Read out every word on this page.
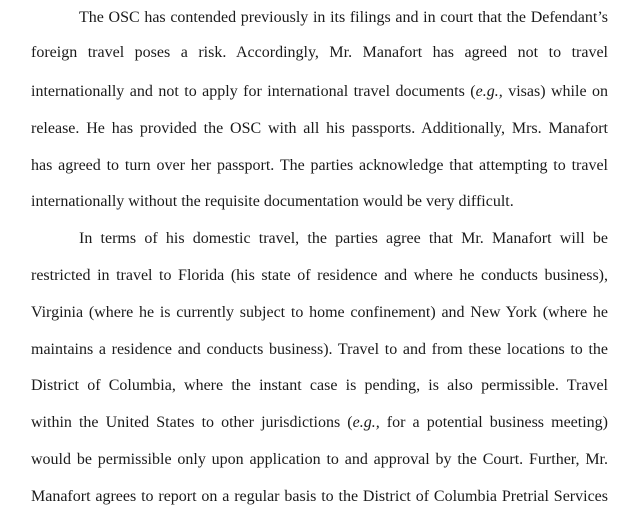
The OSC has contended previously in its filings and in court that the Defendant’s
foreign travel poses a risk. Accordingly, Mr. Manafort has agreed not to travel
internationally and not to apply for international travel documents (e.g., visas) while on
release. He has provided the OSC with all his passports. Additionally, Mrs. Manafort
has agreed to turn over her passport. The parties acknowledge that attempting to travel
internationally without the requisite documentation would be very difficult.
In terms of his domestic travel, the parties agree that Mr. Manafort will be
restricted in travel to Florida (his state of residence and where he conducts business),
Virginia (where he is currently subject to home confinement) and New York (where he
maintains a residence and conducts business). Travel to and from these locations to the
District of Columbia, where the instant case is pending, is also permissible. Travel
within the United States to other jurisdictions (e.g., for a potential business meeting)
would be permissible only upon application to and approval by the Court. Further, Mr.
Manafort agrees to report on a regular basis to the District of Columbia Pretrial Services
